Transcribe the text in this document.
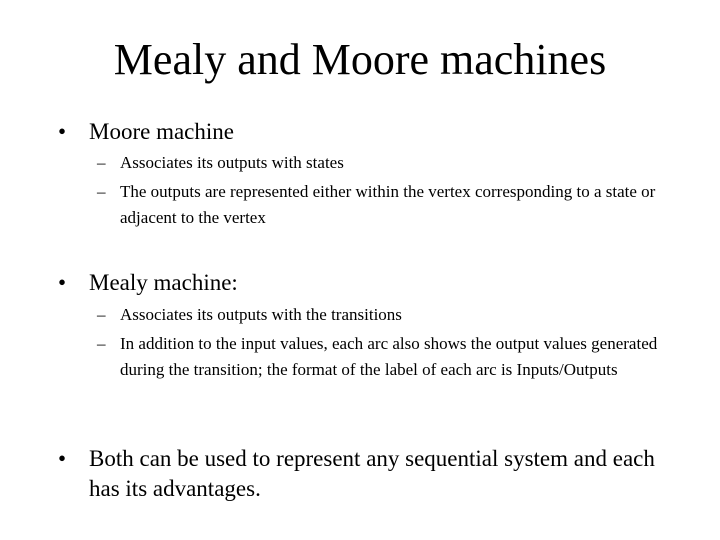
Mealy and Moore machines
• Moore machine
– Associates its outputs with states
– The outputs are represented either within the vertex corresponding to a state or adjacent to the vertex
• Mealy machine:
– Associates its outputs with the transitions
– In addition to the input values, each arc also shows the output values generated during the transition; the format of the label of each arc is Inputs/Outputs
• Both can be used to represent any sequential system and each has its advantages.
